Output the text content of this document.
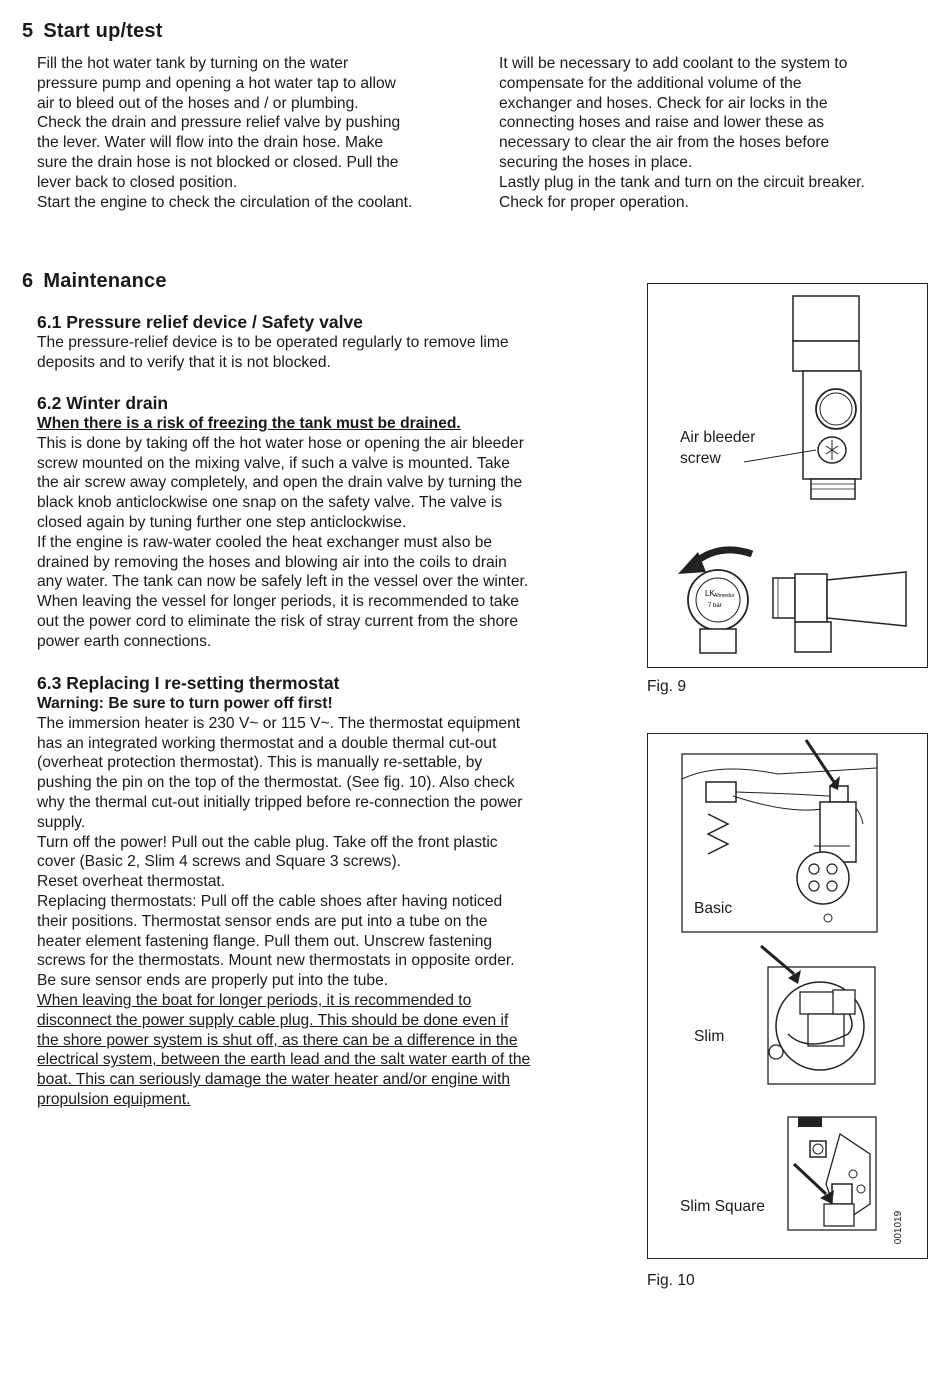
5 Start up/test
Fill the hot water tank by turning on the water
pressure pump and opening a hot water tap to allow
air to bleed out of the hoses and / or plumbing.
Check the drain and pressure relief valve by pushing
the lever. Water will flow into the drain hose. Make
sure the drain hose is not blocked or closed. Pull the
lever back to closed position.
Start the engine to check the circulation of the coolant.
It will be necessary to add coolant to the system to
compensate for the additional volume of the
exchanger and hoses. Check for air locks in the
connecting hoses and raise and lower these as
necessary to clear the air from the hoses before
securing the hoses in place.
Lastly plug in the tank and turn on the circuit breaker.
Check for proper operation.
6 Maintenance
6.1 Pressure relief device / Safety valve
The pressure-relief device is to be operated regularly to remove lime
deposits and to verify that it is not blocked.
6.2 Winter drain
When there is a risk of freezing the tank must be drained.
This is done by taking off the hot water hose or opening the air bleeder
screw mounted on the mixing valve, if such a valve is mounted. Take
the air screw away completely, and open the drain valve by turning the
black knob anticlockwise one snap on the safety valve. The valve is
closed again by tuning further one step anticlockwise.
If the engine is raw-water cooled the heat exchanger must also be
drained by removing the hoses and blowing air into the coils to drain
any water. The tank can now be safely left in the vessel over the winter.
When leaving the vessel for longer periods, it is recommended to take
out the power cord to eliminate the risk of stray current from the shore
power earth connections.
6.3 Replacing I re-setting thermostat
Warning: Be sure to turn power off first!
The immersion heater is 230 V~ or 115 V~. The thermostat equipment
has an integrated working thermostat and a double thermal cut-out
(overheat protection thermostat). This is manually re-settable, by
pushing the pin on the top of the thermostat. (See fig. 10). Also check
why the thermal cut-out initially tripped before re-connection the power
supply.
Turn off the power! Pull out the cable plug. Take off the front plastic
cover (Basic 2, Slim 4 screws and Square 3 screws).
Reset overheat thermostat.
Replacing thermostats: Pull off the cable shoes after having noticed
their positions. Thermostat sensor ends are put into a tube on the
heater element fastening flange. Pull them out. Unscrew fastening
screws for the thermostats. Mount new thermostats in opposite order.
Be sure sensor ends are properly put into the tube.
When leaving the boat for longer periods, it is recommended to
disconnect the power supply cable plug. This should be done even if
the shore power system is shut off, as there can be a difference in the
electrical system, between the earth lead and the salt water earth of the
boat. This can seriously damage the water heater and/or engine with
propulsion equipment.
LK Ahmedur
7 bar
Air bleeder
screw
Fig. 9
Basic
Slim
Slim Square
001019
Fig. 10
